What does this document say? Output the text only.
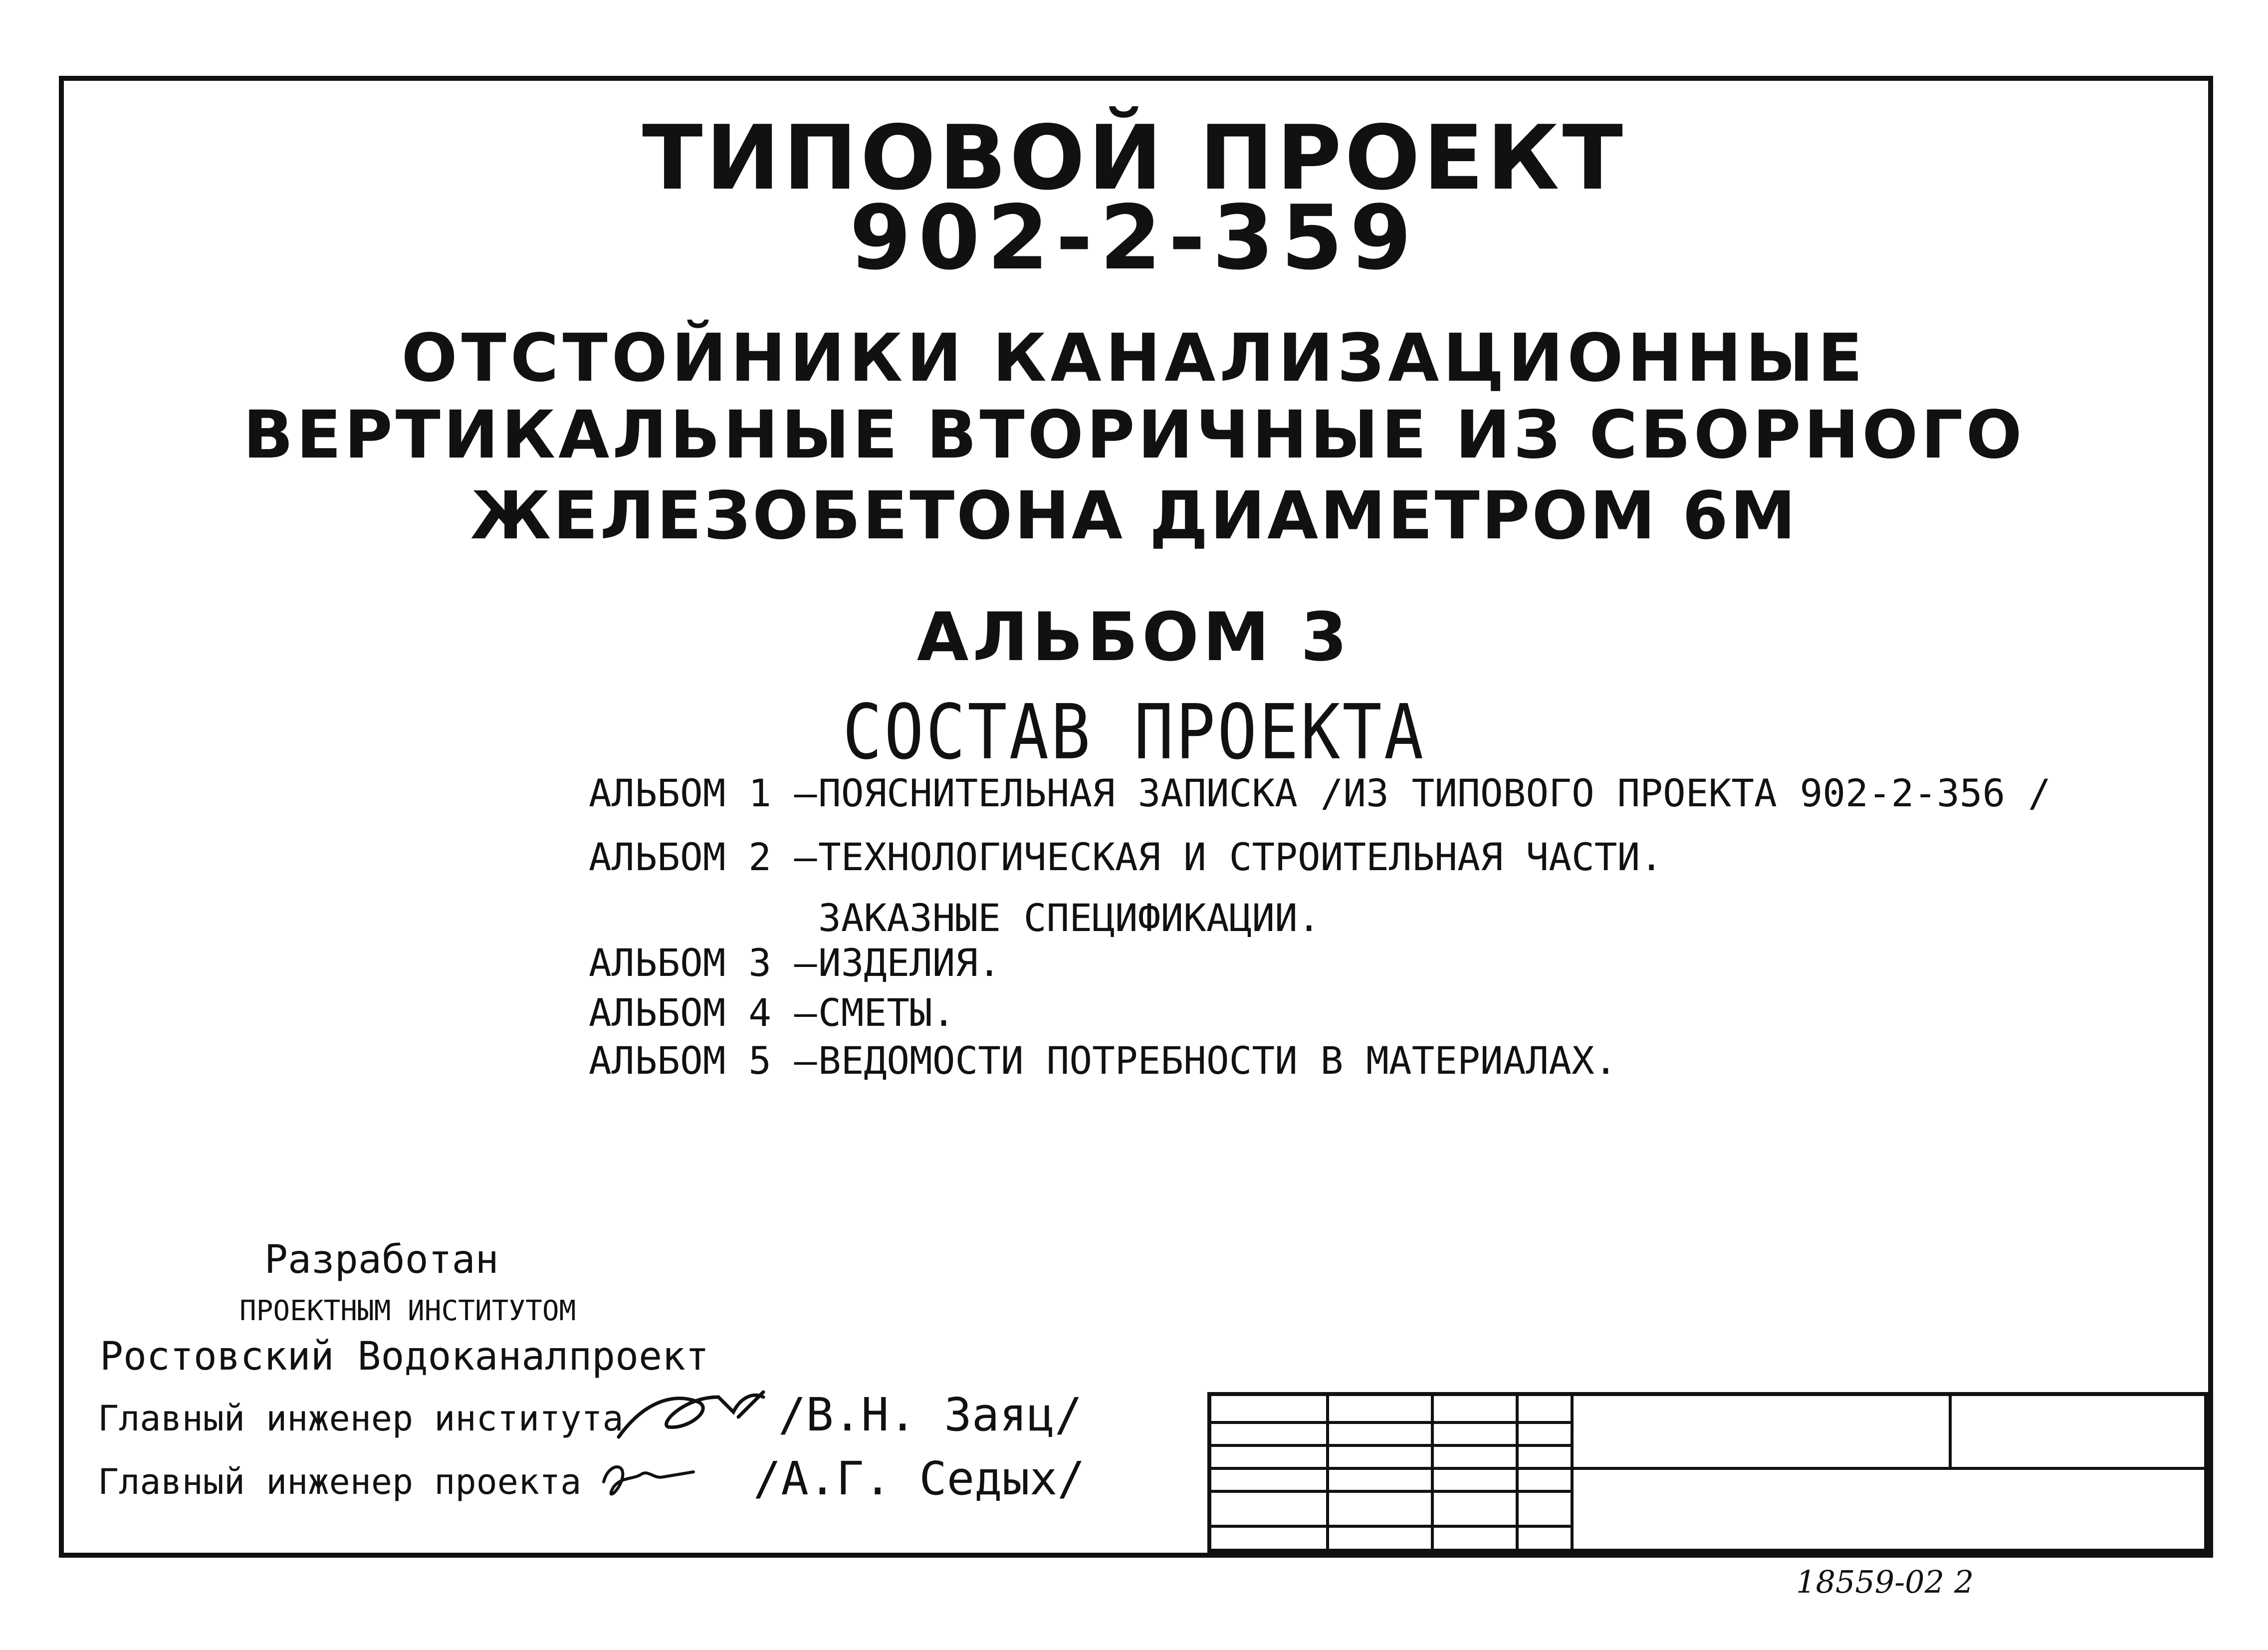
ТИПОВОЙ ПРОЕКТ
902-2-359
ОТСТОЙНИКИ КАНАЛИЗАЦИОННЫЕ
ВЕРТИКАЛЬНЫЕ ВТОРИЧНЫЕ ИЗ СБОРНОГО
ЖЕЛЕЗОБЕТОНА ДИАМЕТРОМ 6М
АЛЬБОМ 3
СОСТАВ ПРОЕКТА
АЛЬБОМ 1 –ПОЯСНИТЕЛЬНАЯ ЗАПИСКА /ИЗ ТИПОВОГО ПРОЕКТА 902-2-356 /
АЛЬБОМ 2 –ТЕХНОЛОГИЧЕСКАЯ И СТРОИТЕЛЬНАЯ ЧАСТИ.
ЗАКАЗНЫЕ СПЕЦИФИКАЦИИ.
АЛЬБОМ 3 –ИЗДЕЛИЯ.
АЛЬБОМ 4 –СМЕТЫ.
АЛЬБОМ 5 –ВЕДОМОСТИ ПОТРЕБНОСТИ В МАТЕРИАЛАХ.
Разработан
ПРОЕКТНЫМ ИНСТИТУТОМ
Ростовский Водоканалпроект
Главный инженер института	/В.Н. Заяц/
Главный инженер проекта	/А.Г. Седых/
18559-02 2
